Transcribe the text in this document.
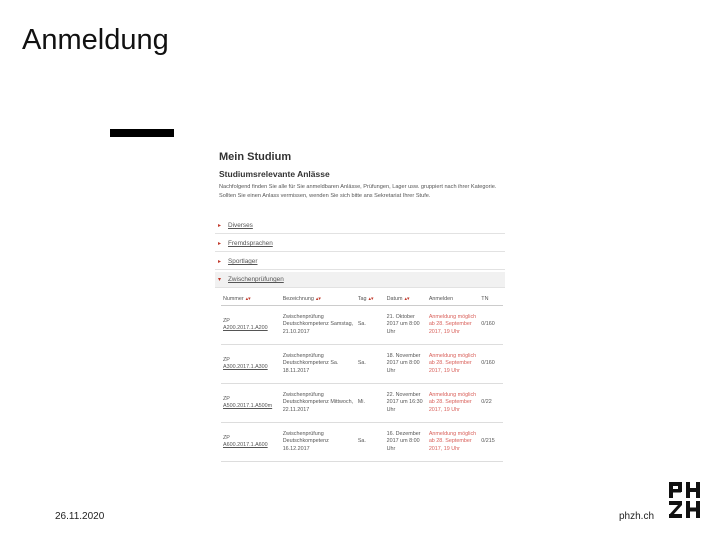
Anmeldung
Mein Studium
Studiumsrelevante Anlässe
Nachfolgend finden Sie alle für Sie anmeldbaren Anlässe, Prüfungen, Lager usw. gruppiert nach ihrer Kategorie. Sollten Sie einen Anlass vermissen, wenden Sie sich bitte ans Sekretariat Ihrer Stufe.
▸ Diverses
▸ Fremdsprachen
▸ Sportlager
▾ Zwischenprüfungen
Nummer ▴▾	Bezeichnung ▴▾	Tag ▴▾	Datum ▴▾	Anmelden	TN
ZP
A200.2017.1.A200	Zwischenprüfung Deutschkompetenz Samstag, 21.10.2017	Sa.	21. Oktober 2017 um 8:00 Uhr	Anmeldung möglich ab 28. September 2017, 19 Uhr	0/160
ZP
A300.2017.1.A300	Zwischenprüfung Deutschkompetenz Sa. 18.11.2017	Sa.	18. November 2017 um 8:00 Uhr	Anmeldung möglich ab 28. September 2017, 19 Uhr	0/160
ZP
A500.2017.1.A500m	Zwischenprüfung Deutschkompetenz Mittwoch, 22.11.2017	Mi.	22. November 2017 um 16:30 Uhr	Anmeldung möglich ab 28. September 2017, 19 Uhr	0/22
ZP
A600.2017.1.A600	Zwischenprüfung Deutschkompetenz 16.12.2017	Sa.	16. Dezember 2017 um 8:00 Uhr	Anmeldung möglich ab 28. September 2017, 19 Uhr	0/215
26.11.2020	phzh.ch
